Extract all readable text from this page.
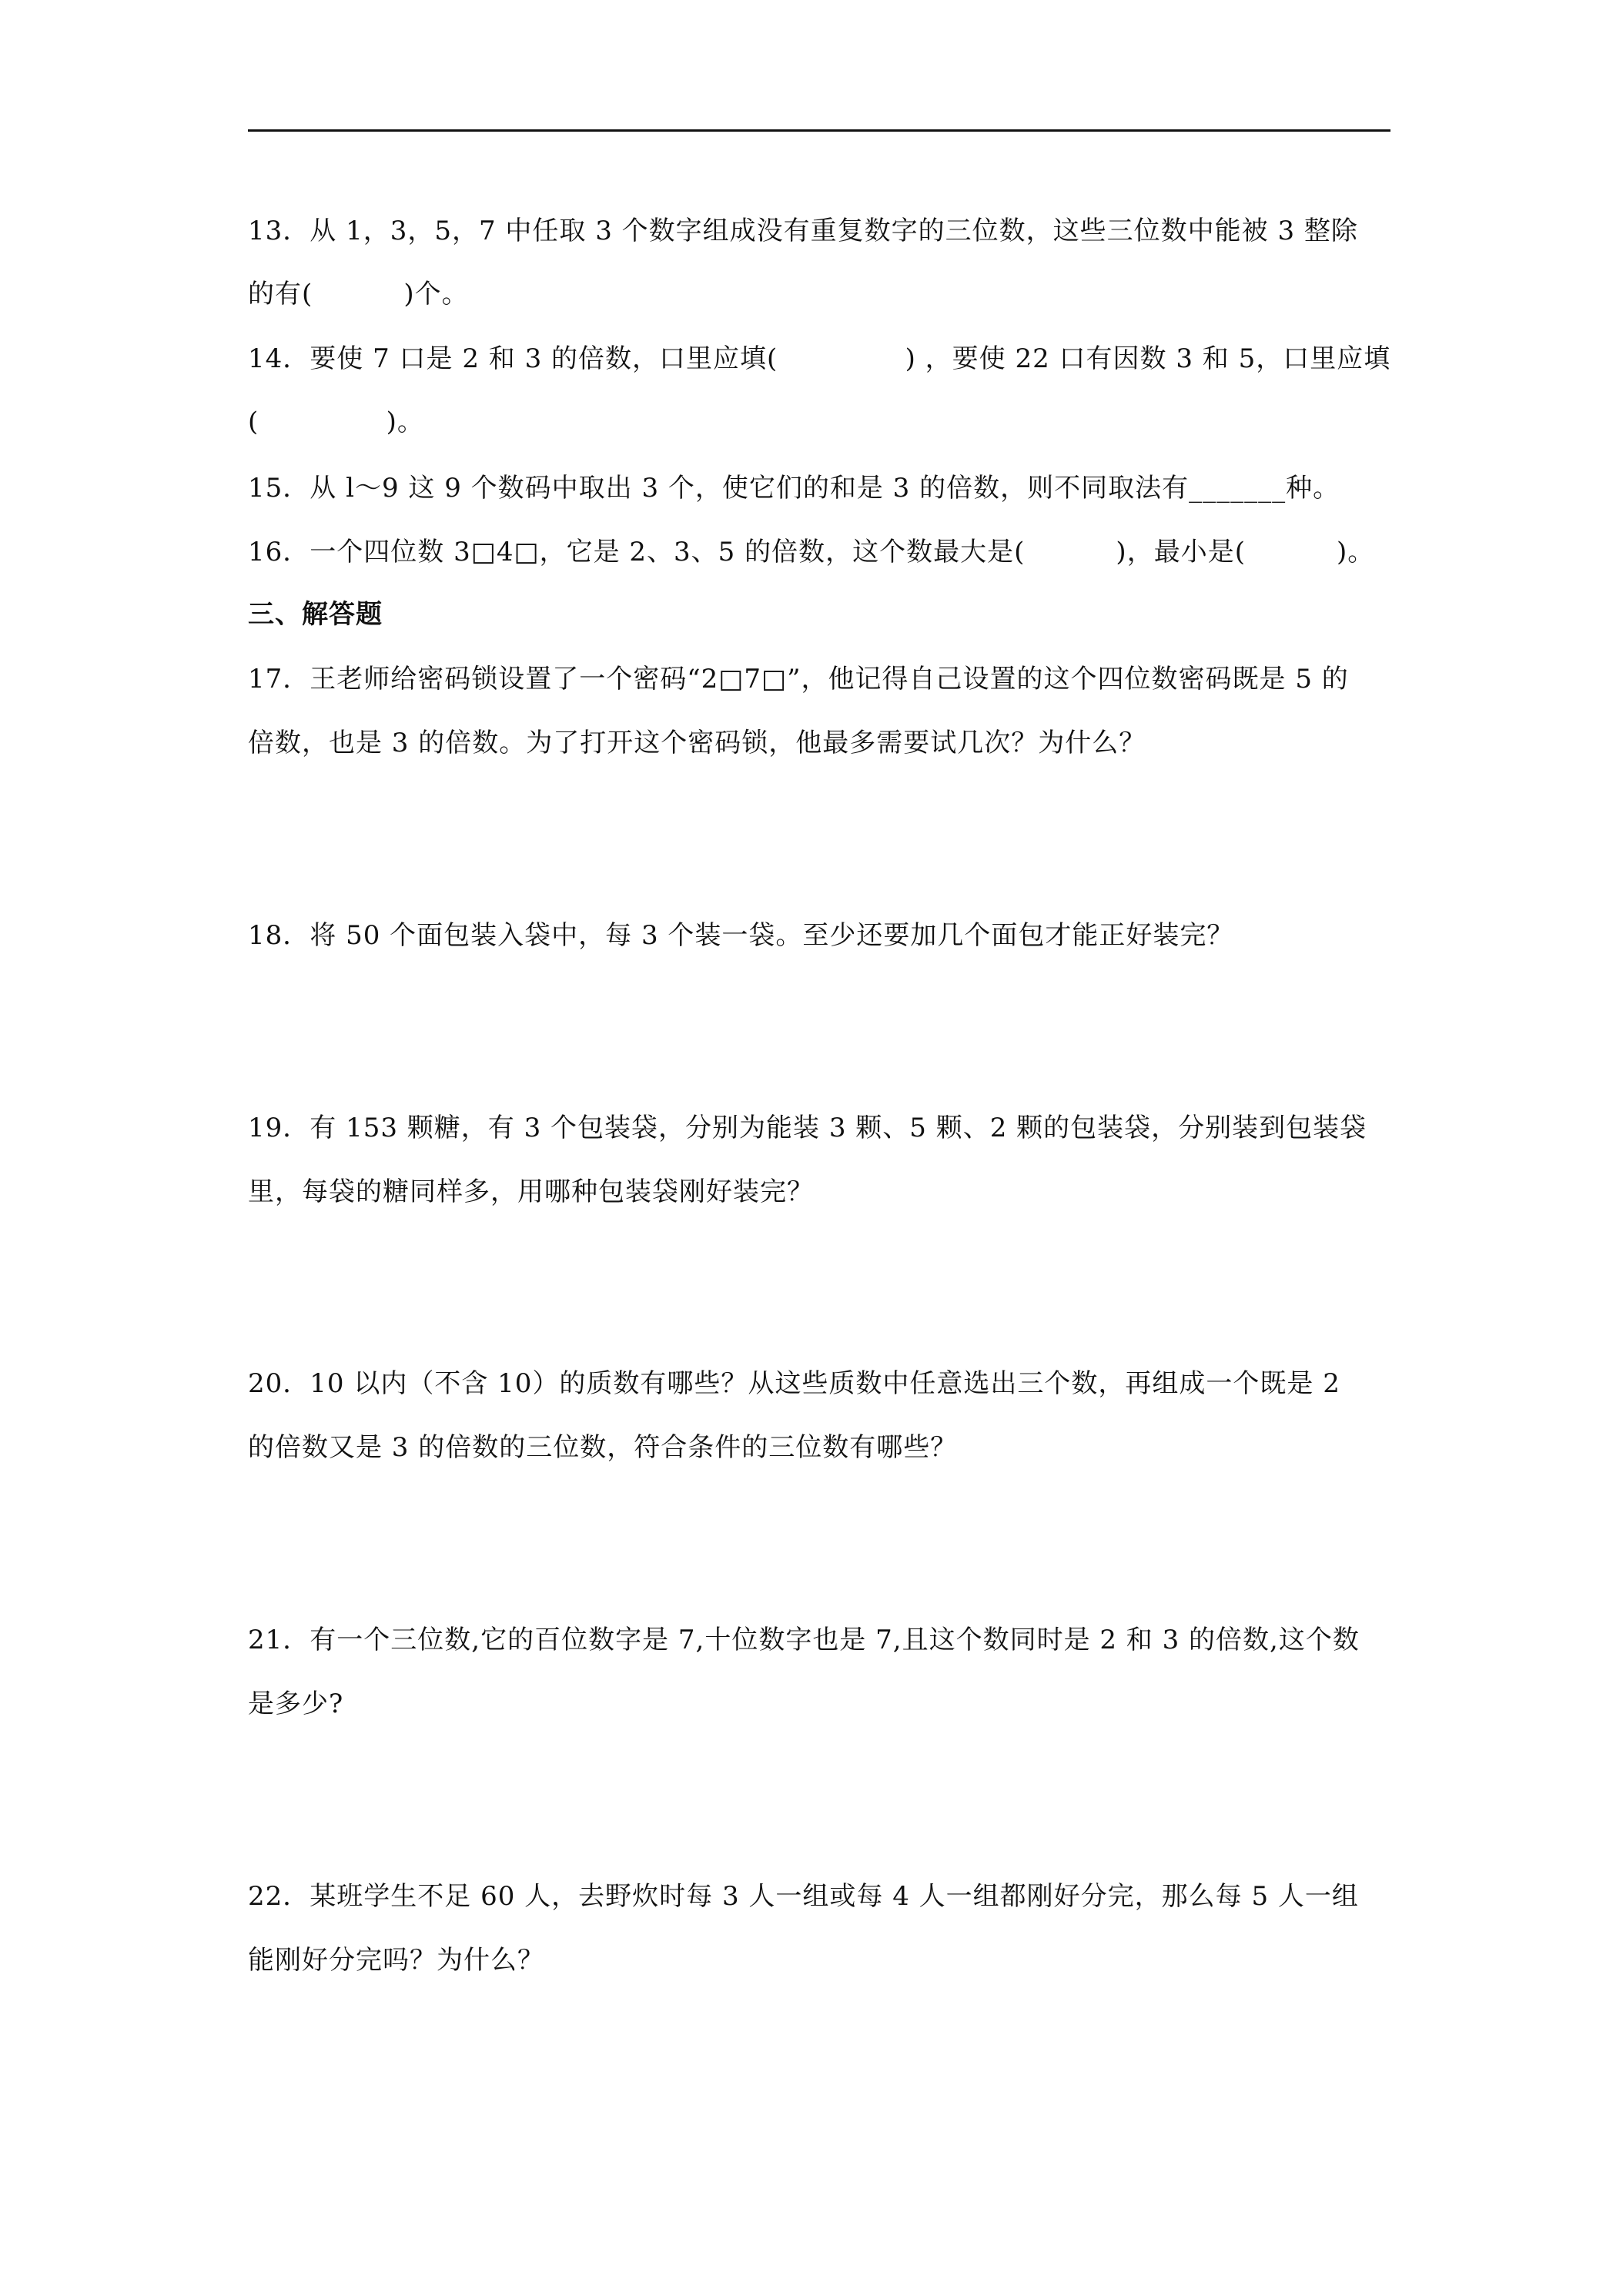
13．从 1，3，5，7 中任取 3 个数字组成没有重复数字的三位数，这些三位数中能被 3 整除
的有(          )个。
14．要使 7 口是 2 和 3 的倍数，口里应填(              ) ，要使 22 口有因数 3 和 5，口里应填
(              )。
15．从 l～9 这 9 个数码中取出 3 个，使它们的和是 3 的倍数，则不同取法有_______种。
16．一个四位数 3□4□，它是 2、3、5 的倍数，这个数最大是(          )，最小是(          )。
三、解答题
17．王老师给密码锁设置了一个密码“2□7□”，他记得自己设置的这个四位数密码既是 5 的
倍数，也是 3 的倍数。为了打开这个密码锁，他最多需要试几次？为什么？
18．将 50 个面包装入袋中，每 3 个装一袋。至少还要加几个面包才能正好装完？
19．有 153 颗糖，有 3 个包装袋，分别为能装 3 颗、5 颗、2 颗的包装袋，分别装到包装袋
里，每袋的糖同样多，用哪种包装袋刚好装完？
20．10 以内（不含 10）的质数有哪些？从这些质数中任意选出三个数，再组成一个既是 2
的倍数又是 3 的倍数的三位数，符合条件的三位数有哪些？
21．有一个三位数,它的百位数字是 7,十位数字也是 7,且这个数同时是 2 和 3 的倍数,这个数
是多少?
22．某班学生不足 60 人，去野炊时每 3 人一组或每 4 人一组都刚好分完，那么每 5 人一组
能刚好分完吗？为什么？
